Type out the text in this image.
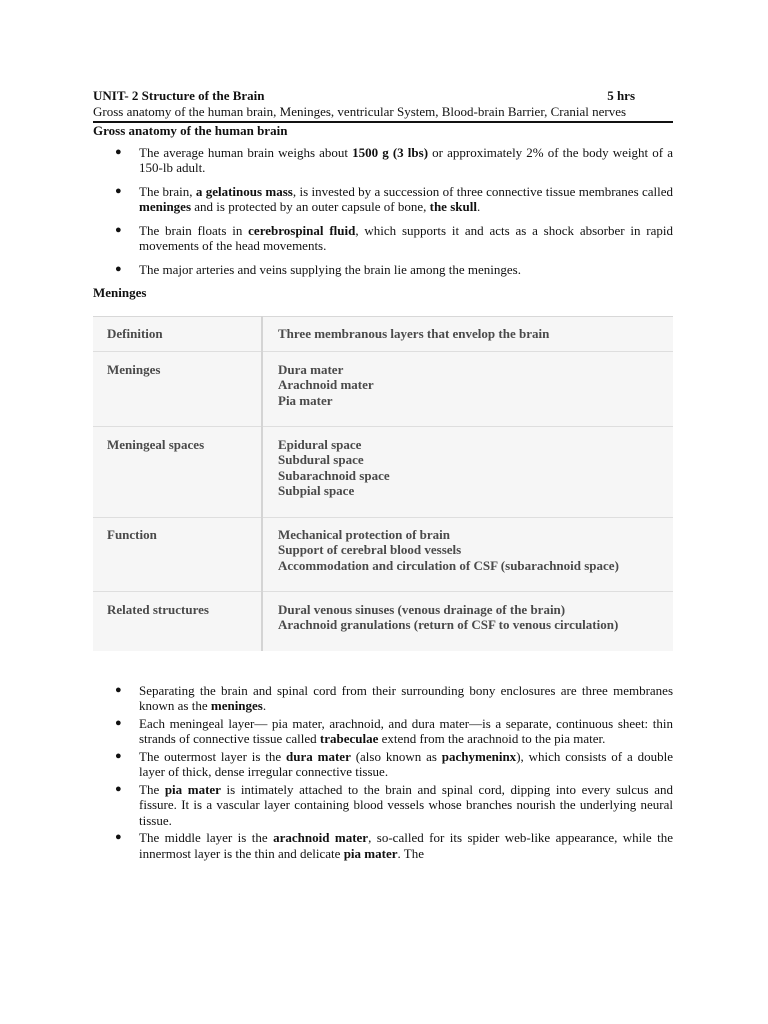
UNIT- 2 Structure of the Brain	5 hrs
Gross anatomy of the human brain, Meninges, ventricular System, Blood-brain Barrier, Cranial nerves
Gross anatomy of the human brain
● The average human brain weighs about 1500 g (3 lbs) or approximately 2% of the body weight of a 150-lb adult.
● The brain, a gelatinous mass, is invested by a succession of three connective tissue membranes called meninges and is protected by an outer capsule of bone, the skull.
● The brain floats in cerebrospinal fluid, which supports it and acts as a shock absorber in rapid movements of the head movements.
● The major arteries and veins supplying the brain lie among the meninges.
Meninges
Definition	Three membranous layers that envelop the brain
Meninges	Dura mater
Arachnoid mater
Pia mater

Meningeal spaces	Epidural space
Subdural space
Subarachnoid space
Subpial space

Function	Mechanical protection of brain
Support of cerebral blood vessels
Accommodation and circulation of CSF (subarachnoid space)

Related structures	Dural venous sinuses (venous drainage of the brain)
Arachnoid granulations (return of CSF to venous circulation)
● Separating the brain and spinal cord from their surrounding bony enclosures are three membranes known as the meninges.
● Each meningeal layer— pia mater, arachnoid, and dura mater—is a separate, continuous sheet: thin strands of connective tissue called trabeculae extend from the arachnoid to the pia mater.
● The outermost layer is the dura mater (also known as pachymeninx), which consists of a double layer of thick, dense irregular connective tissue.
● The pia mater is intimately attached to the brain and spinal cord, dipping into every sulcus and fissure. It is a vascular layer containing blood vessels whose branches nourish the underlying neural tissue.
● The middle layer is the arachnoid mater, so-called for its spider web-like appearance, while the innermost layer is the thin and delicate pia mater. The
